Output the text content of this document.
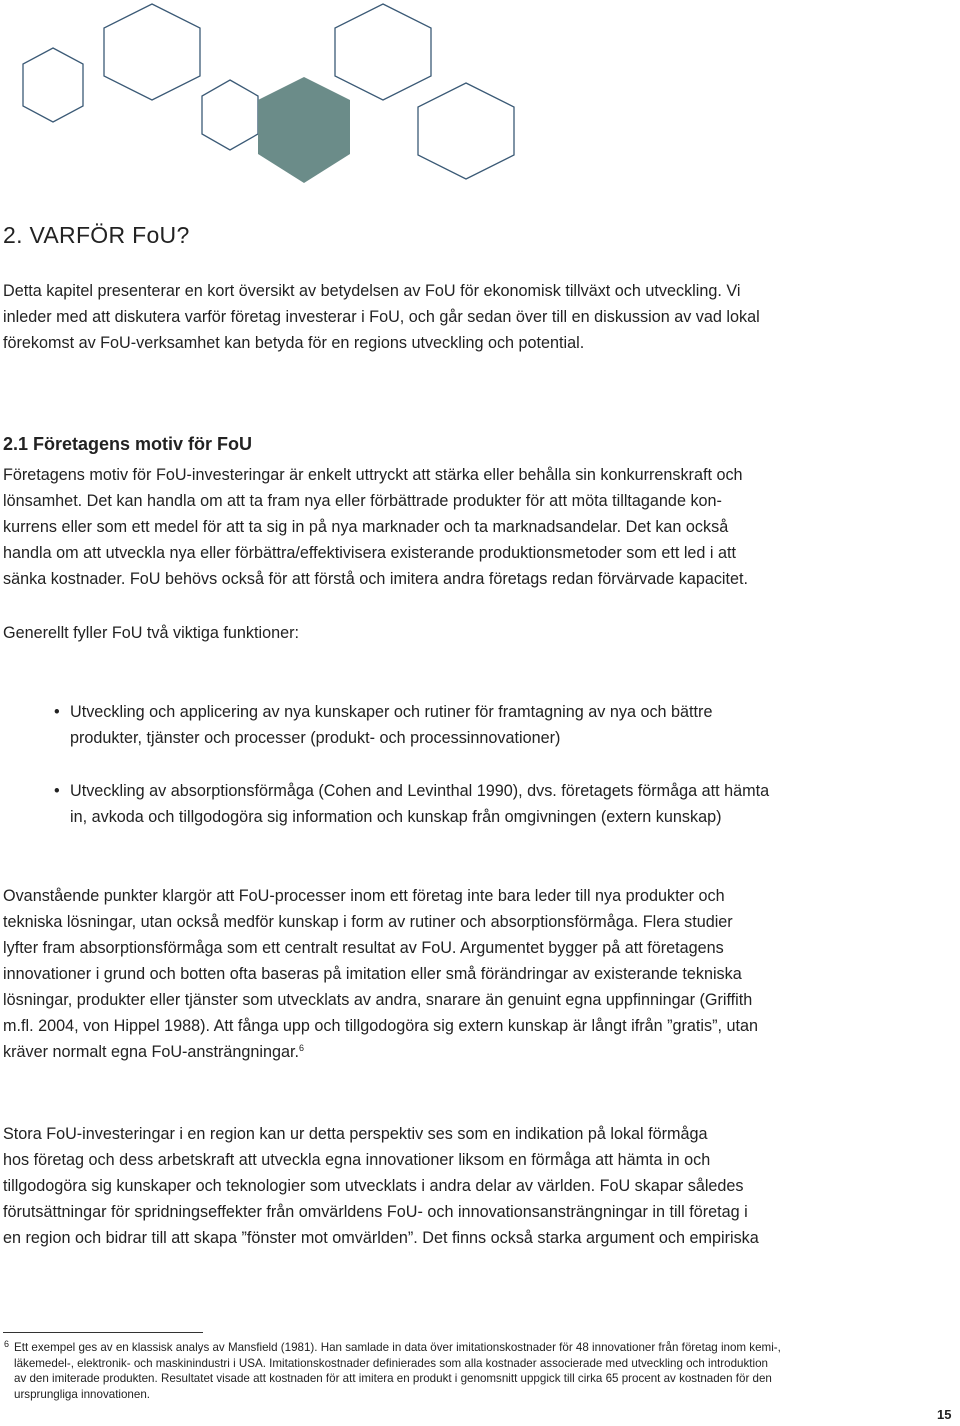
2. VARFÖR FoU?
Detta kapitel presenterar en kort översikt av betydelsen av FoU för ekonomisk tillväxt och utveckling. Vi
inleder med att diskutera varför företag investerar i FoU, och går sedan över till en diskussion av vad lokal
förekomst av FoU-verksamhet kan betyda för en regions utveckling och potential.
2.1 Företagens motiv för FoU
Företagens motiv för FoU-investeringar är enkelt uttryckt att stärka eller behålla sin konkurrenskraft och
lönsamhet. Det kan handla om att ta fram nya eller förbättrade produkter för att möta tilltagande kon-
kurrens eller som ett medel för att ta sig in på nya marknader och ta marknadsandelar. Det kan också
handla om att utveckla nya eller förbättra/effektivisera existerande produktionsmetoder som ett led i att
sänka kostnader. FoU behövs också för att förstå och imitera andra företags redan förvärvade kapacitet.
Generellt fyller FoU två viktiga funktioner:
• Utveckling och applicering av nya kunskaper och rutiner för framtagning av nya och bättre
produkter, tjänster och processer (produkt- och processinnovationer)
• Utveckling av absorptionsförmåga (Cohen and Levinthal 1990), dvs. företagets förmåga att hämta
in, avkoda och tillgodogöra sig information och kunskap från omgivningen (extern kunskap)
Ovanstående punkter klargör att FoU-processer inom ett företag inte bara leder till nya produkter och
tekniska lösningar, utan också medför kunskap i form av rutiner och absorptionsförmåga. Flera studier
lyfter fram absorptionsförmåga som ett centralt resultat av FoU. Argumentet bygger på att företagens
innovationer i grund och botten ofta baseras på imitation eller små förändringar av existerande tekniska
lösningar, produkter eller tjänster som utvecklats av andra, snarare än genuint egna uppfinningar (Griffith
m.fl. 2004, von Hippel 1988). Att fånga upp och tillgodogöra sig extern kunskap är långt ifrån ”gratis”, utan
kräver normalt egna FoU-ansträngningar.$^6$
Stora FoU-investeringar i en region kan ur detta perspektiv ses som en indikation på lokal förmåga
hos företag och dess arbetskraft att utveckla egna innovationer liksom en förmåga att hämta in och
tillgodogöra sig kunskaper och teknologier som utvecklats i andra delar av världen. FoU skapar således
förutsättningar för spridningseffekter från omvärldens FoU- och innovationsansträngningar in till företag i
en region och bidrar till att skapa ”fönster mot omvärlden”. Det finns också starka argument och empiriska
6 Ett exempel ges av en klassisk analys av Mansfield (1981). Han samlade in data över imitationskostnader för 48 innovationer från företag inom kemi-,
läkemedel-, elektronik- och maskinindustri i USA. Imitationskostnader definierades som alla kostnader associerade med utveckling och introduktion
av den imiterade produkten. Resultatet visade att kostnaden för att imitera en produkt i genomsnitt uppgick till cirka 65 procent av kostnaden för den
ursprungliga innovationen.
15
